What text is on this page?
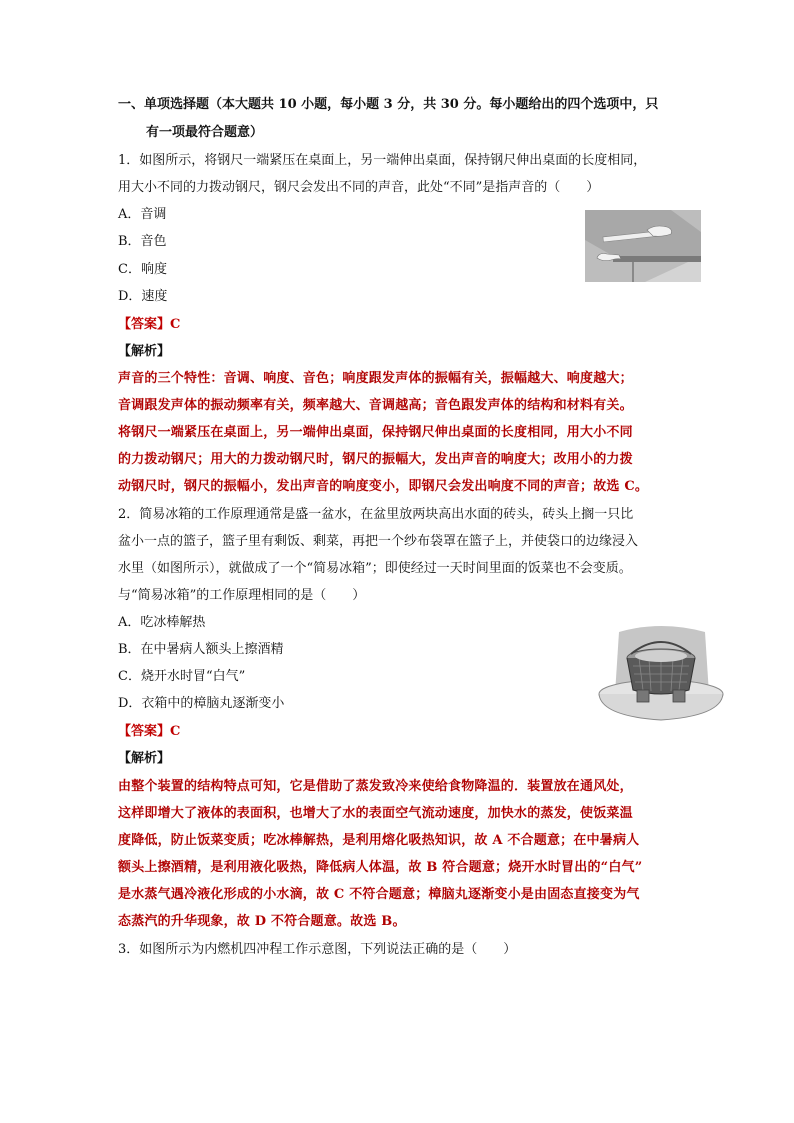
一、单项选择题（本大题共 10 小题，每小题 3 分，共 30 分。每小题给出的四个选项中，只
有一项最符合题意）
1．如图所示，将钢尺一端紧压在桌面上，另一端伸出桌面，保持钢尺伸出桌面的长度相同，
用大小不同的力拨动钢尺，钢尺会发出不同的声音，此处“不同”是指声音的（　　）
A．音调
B．音色
C．响度
D．速度
【答案】C
【解析】
声音的三个特性：音调、响度、音色；响度跟发声体的振幅有关，振幅越大、响度越大；
音调跟发声体的振动频率有关，频率越大、音调越高；音色跟发声体的结构和材料有关。
将钢尺一端紧压在桌面上，另一端伸出桌面，保持钢尺伸出桌面的长度相同，用大小不同
的力拨动钢尺；用大的力拨动钢尺时，钢尺的振幅大，发出声音的响度大；改用小的力拨
动钢尺时，钢尺的振幅小，发出声音的响度变小，即钢尺会发出响度不同的声音；故选 C。
2．简易冰箱的工作原理通常是盛一盆水，在盆里放两块高出水面的砖头，砖头上搁一只比
盆小一点的篮子，篮子里有剩饭、剩菜，再把一个纱布袋罩在篮子上，并使袋口的边缘浸入
水里（如图所示），就做成了一个“简易冰箱”；即使经过一天时间里面的饭菜也不会变质。
与“简易冰箱”的工作原理相同的是（　　）
A．吃冰棒解热
B．在中暑病人额头上擦酒精
C．烧开水时冒“白气”
D．衣箱中的樟脑丸逐渐变小
【答案】C
【解析】
由整个装置的结构特点可知，它是借助了蒸发致冷来使给食物降温的．装置放在通风处，
这样即增大了液体的表面积，也增大了水的表面空气流动速度，加快水的蒸发，使饭菜温
度降低，防止饭菜变质；吃冰棒解热，是利用熔化吸热知识，故 A 不合题意；在中暑病人
额头上擦酒精，是利用液化吸热，降低病人体温，故 B 符合题意；烧开水时冒出的“白气”
是水蒸气遇冷液化形成的小水滴，故 C 不符合题意；樟脑丸逐渐变小是由固态直接变为气
态蒸汽的升华现象，故 D 不符合题意。故选 B。
3．如图所示为内燃机四冲程工作示意图，下列说法正确的是（　　）
